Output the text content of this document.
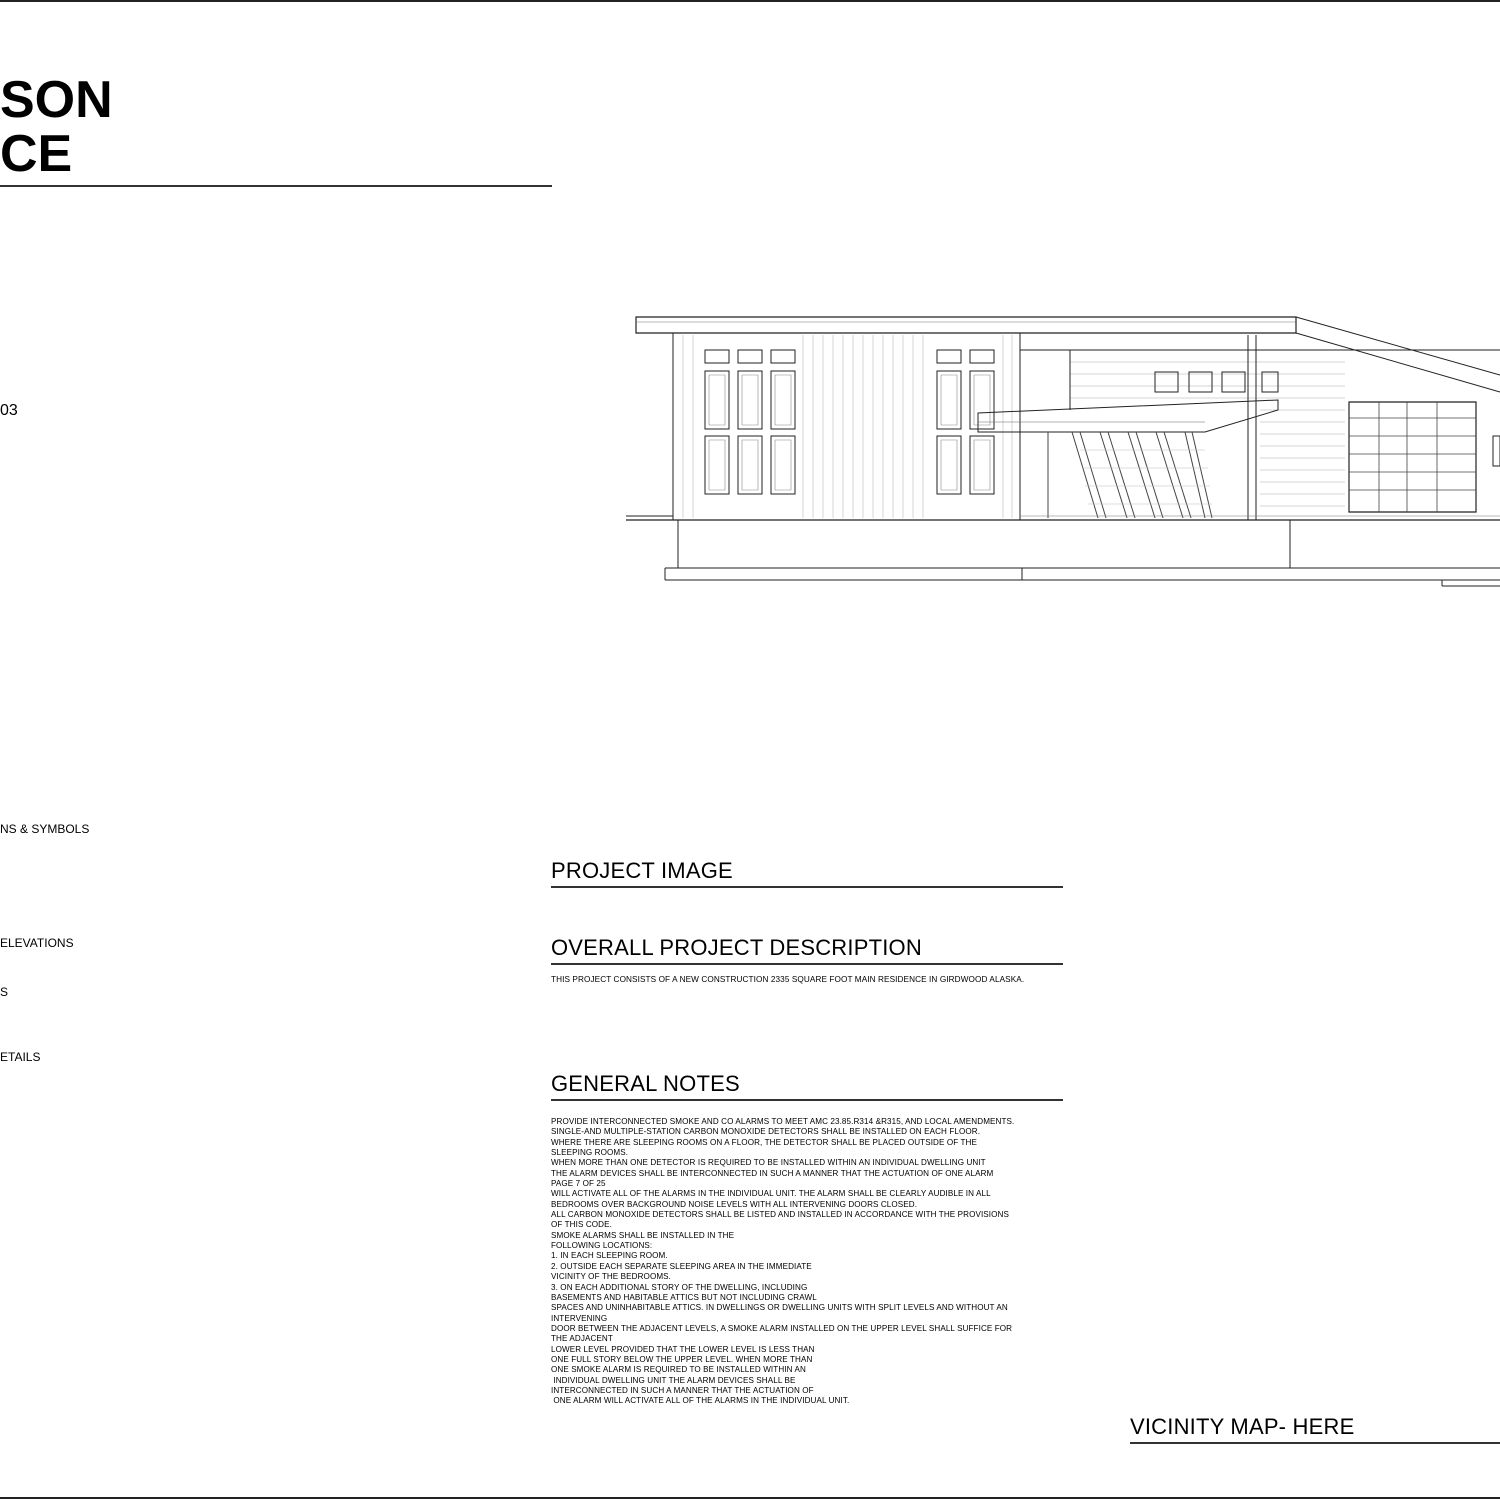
SON
CE
03
NS & SYMBOLS
ELEVATIONS
S
ETAILS
PROJECT IMAGE
OVERALL PROJECT DESCRIPTION
THIS PROJECT CONSISTS OF A NEW CONSTRUCTION 2335 SQUARE FOOT MAIN RESIDENCE IN GIRDWOOD ALASKA.
GENERAL NOTES
PROVIDE INTERCONNECTED SMOKE AND CO ALARMS TO MEET AMC 23.85.R314 &R315, AND LOCAL AMENDMENTS.
SINGLE-AND MULTIPLE-STATION CARBON MONOXIDE DETECTORS SHALL BE INSTALLED ON EACH FLOOR.
WHERE THERE ARE SLEEPING ROOMS ON A FLOOR, THE DETECTOR SHALL BE PLACED OUTSIDE OF THE
SLEEPING ROOMS.
WHEN MORE THAN ONE DETECTOR IS REQUIRED TO BE INSTALLED WITHIN AN INDIVIDUAL DWELLING UNIT
THE ALARM DEVICES SHALL BE INTERCONNECTED IN SUCH A MANNER THAT THE ACTUATION OF ONE ALARM
PAGE 7 OF 25
WILL ACTIVATE ALL OF THE ALARMS IN THE INDIVIDUAL UNIT. THE ALARM SHALL BE CLEARLY AUDIBLE IN ALL
BEDROOMS OVER BACKGROUND NOISE LEVELS WITH ALL INTERVENING DOORS CLOSED.
ALL CARBON MONOXIDE DETECTORS SHALL BE LISTED AND INSTALLED IN ACCORDANCE WITH THE PROVISIONS
OF THIS CODE.
SMOKE ALARMS SHALL BE INSTALLED IN THE
FOLLOWING LOCATIONS:
1. IN EACH SLEEPING ROOM.
2. OUTSIDE EACH SEPARATE SLEEPING AREA IN THE IMMEDIATE
VICINITY OF THE BEDROOMS.
3. ON EACH ADDITIONAL STORY OF THE DWELLING, INCLUDING
BASEMENTS AND HABITABLE ATTICS BUT NOT INCLUDING CRAWL
SPACES AND UNINHABITABLE ATTICS. IN DWELLINGS OR DWELLING UNITS WITH SPLIT LEVELS AND WITHOUT AN
INTERVENING
DOOR BETWEEN THE ADJACENT LEVELS, A SMOKE ALARM INSTALLED ON THE UPPER LEVEL SHALL SUFFICE FOR
THE ADJACENT
LOWER LEVEL PROVIDED THAT THE LOWER LEVEL IS LESS THAN
ONE FULL STORY BELOW THE UPPER LEVEL. WHEN MORE THAN
ONE SMOKE ALARM IS REQUIRED TO BE INSTALLED WITHIN AN
INDIVIDUAL DWELLING UNIT THE ALARM DEVICES SHALL BE
INTERCONNECTED IN SUCH A MANNER THAT THE ACTUATION OF
ONE ALARM WILL ACTIVATE ALL OF THE ALARMS IN THE INDIVIDUAL UNIT.
VICINITY MAP- HERE
